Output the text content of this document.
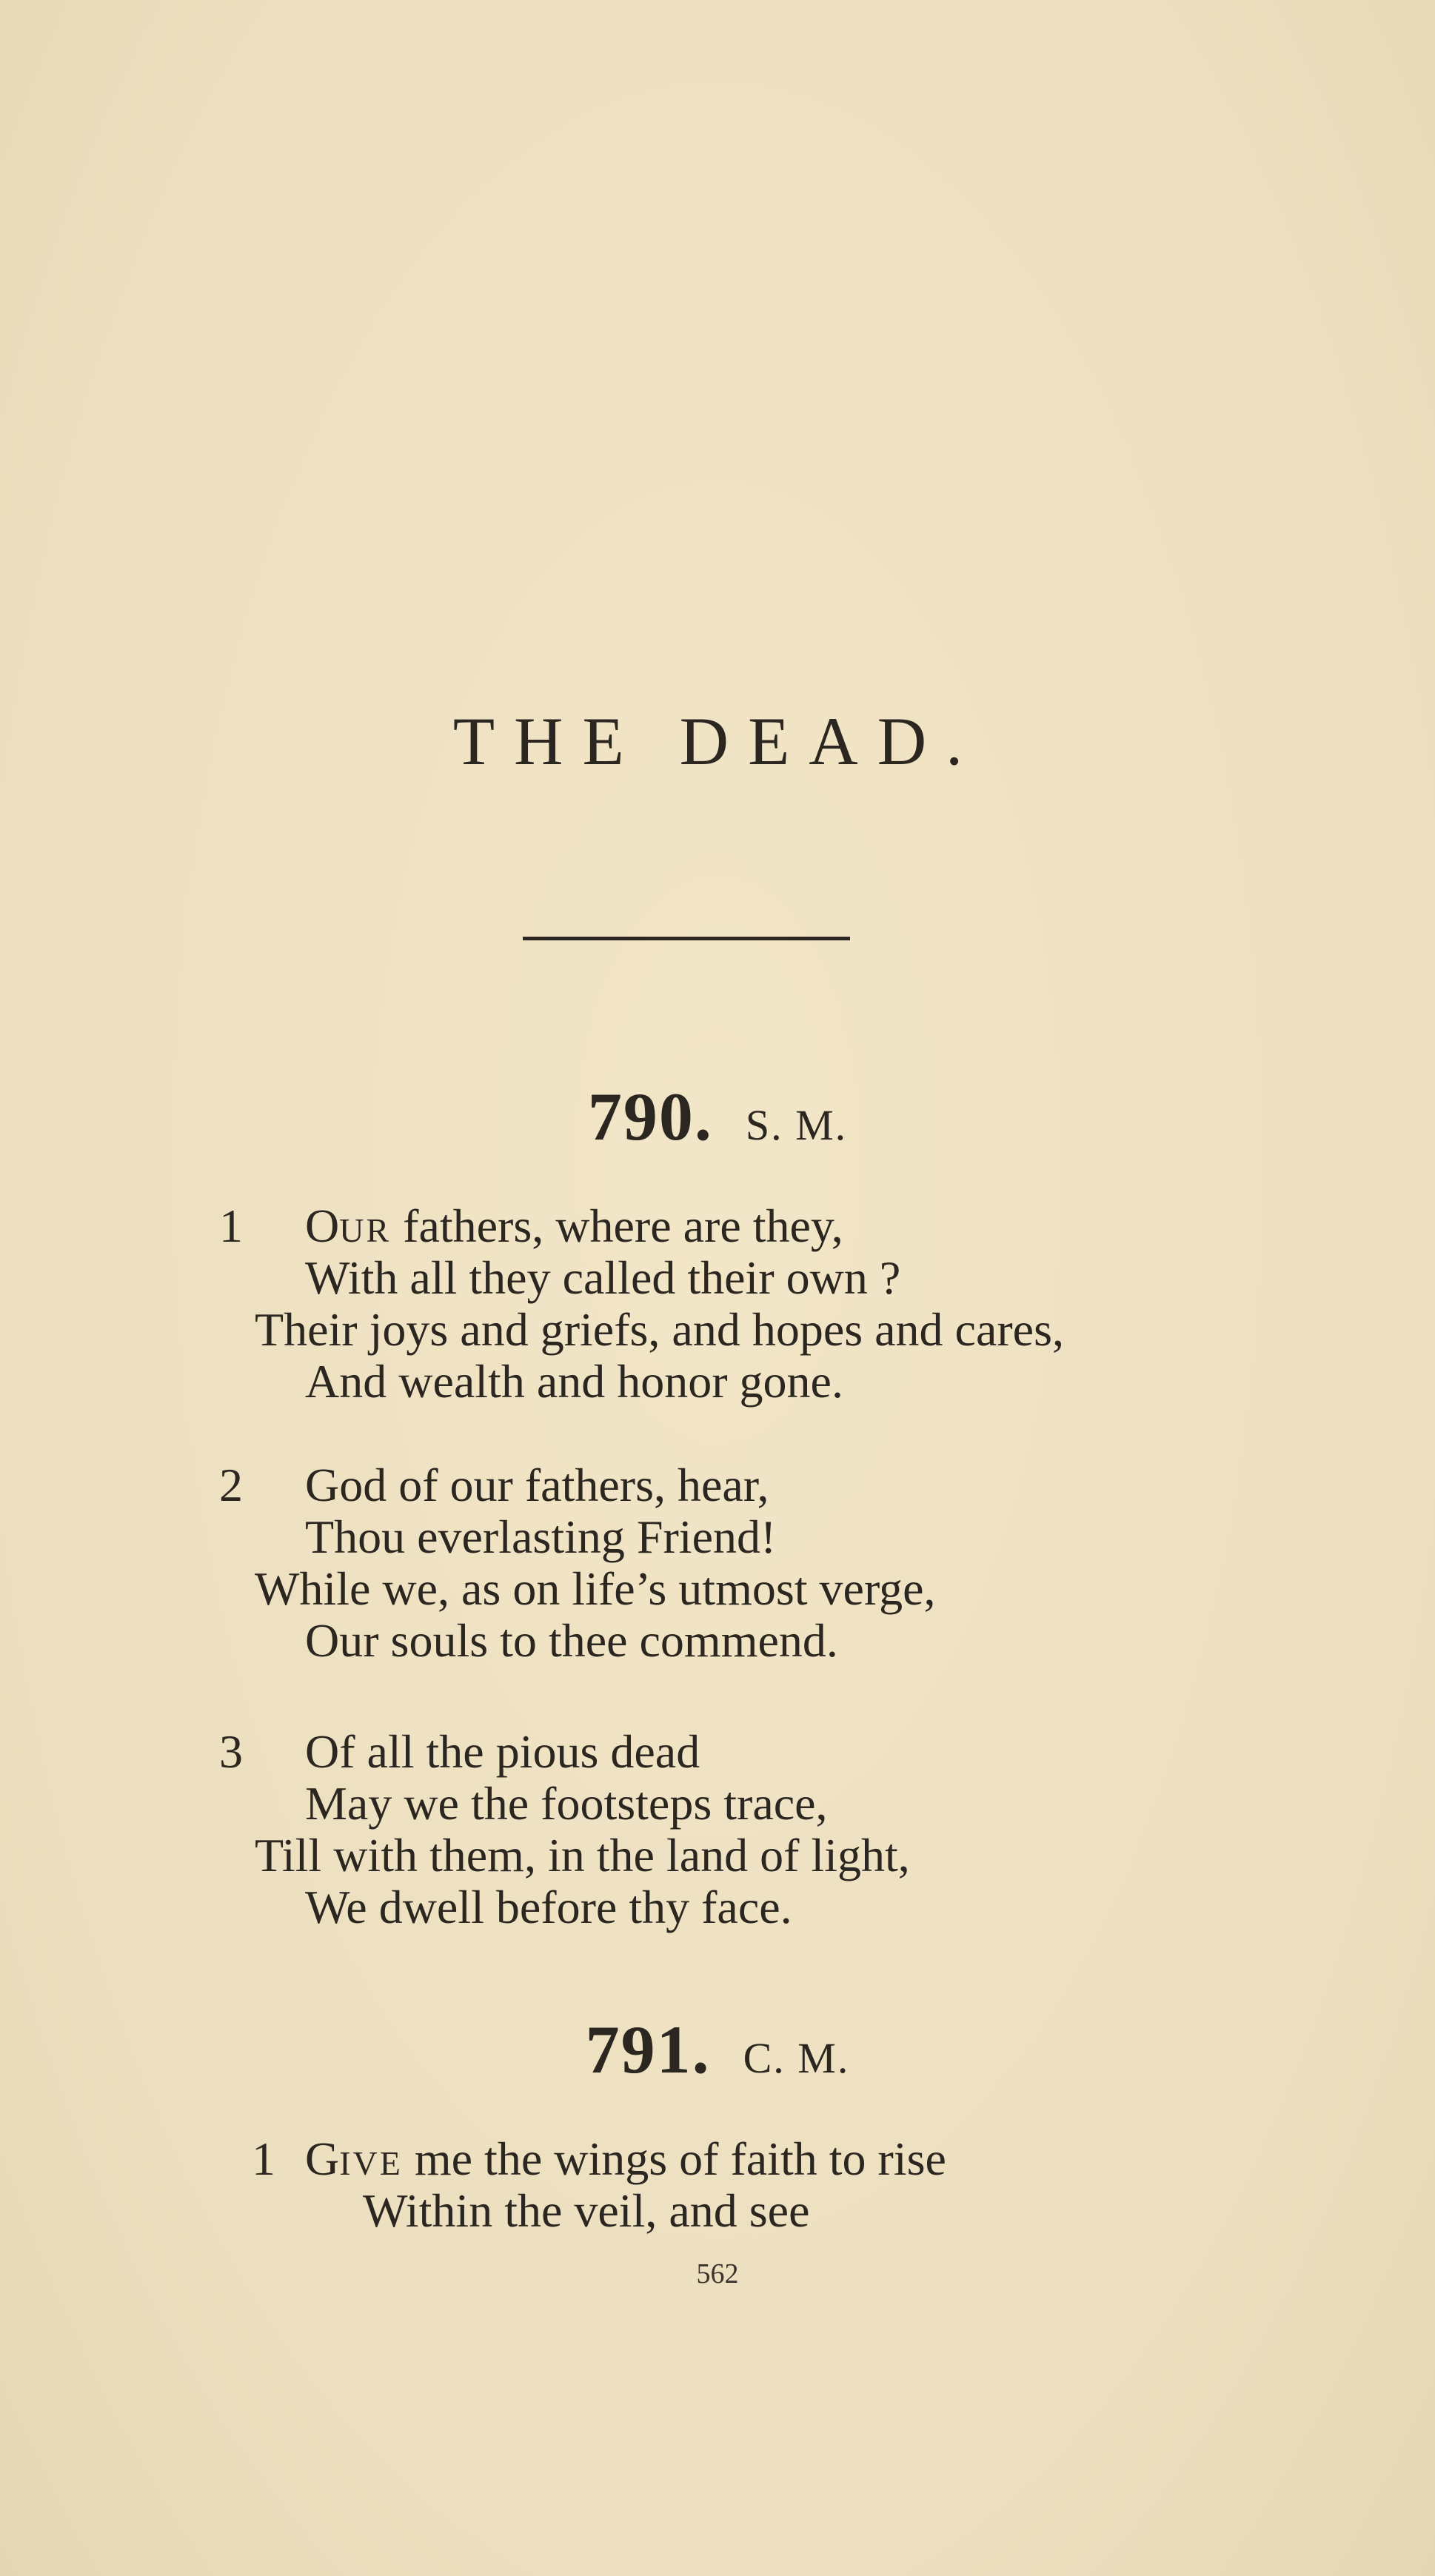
THE DEAD.
790. S. M.
1 OUR fathers, where are they,
With all they called their own ?
Their joys and griefs, and hopes and cares,
And wealth and honor gone.
2 God of our fathers, hear,
Thou everlasting Friend!
While we, as on life’s utmost verge,
Our souls to thee commend.
3 Of all the pious dead
May we the footsteps trace,
Till with them, in the land of light,
We dwell before thy face.
791. C. M.
1 GIVE me the wings of faith to rise
Within the veil, and see
562
